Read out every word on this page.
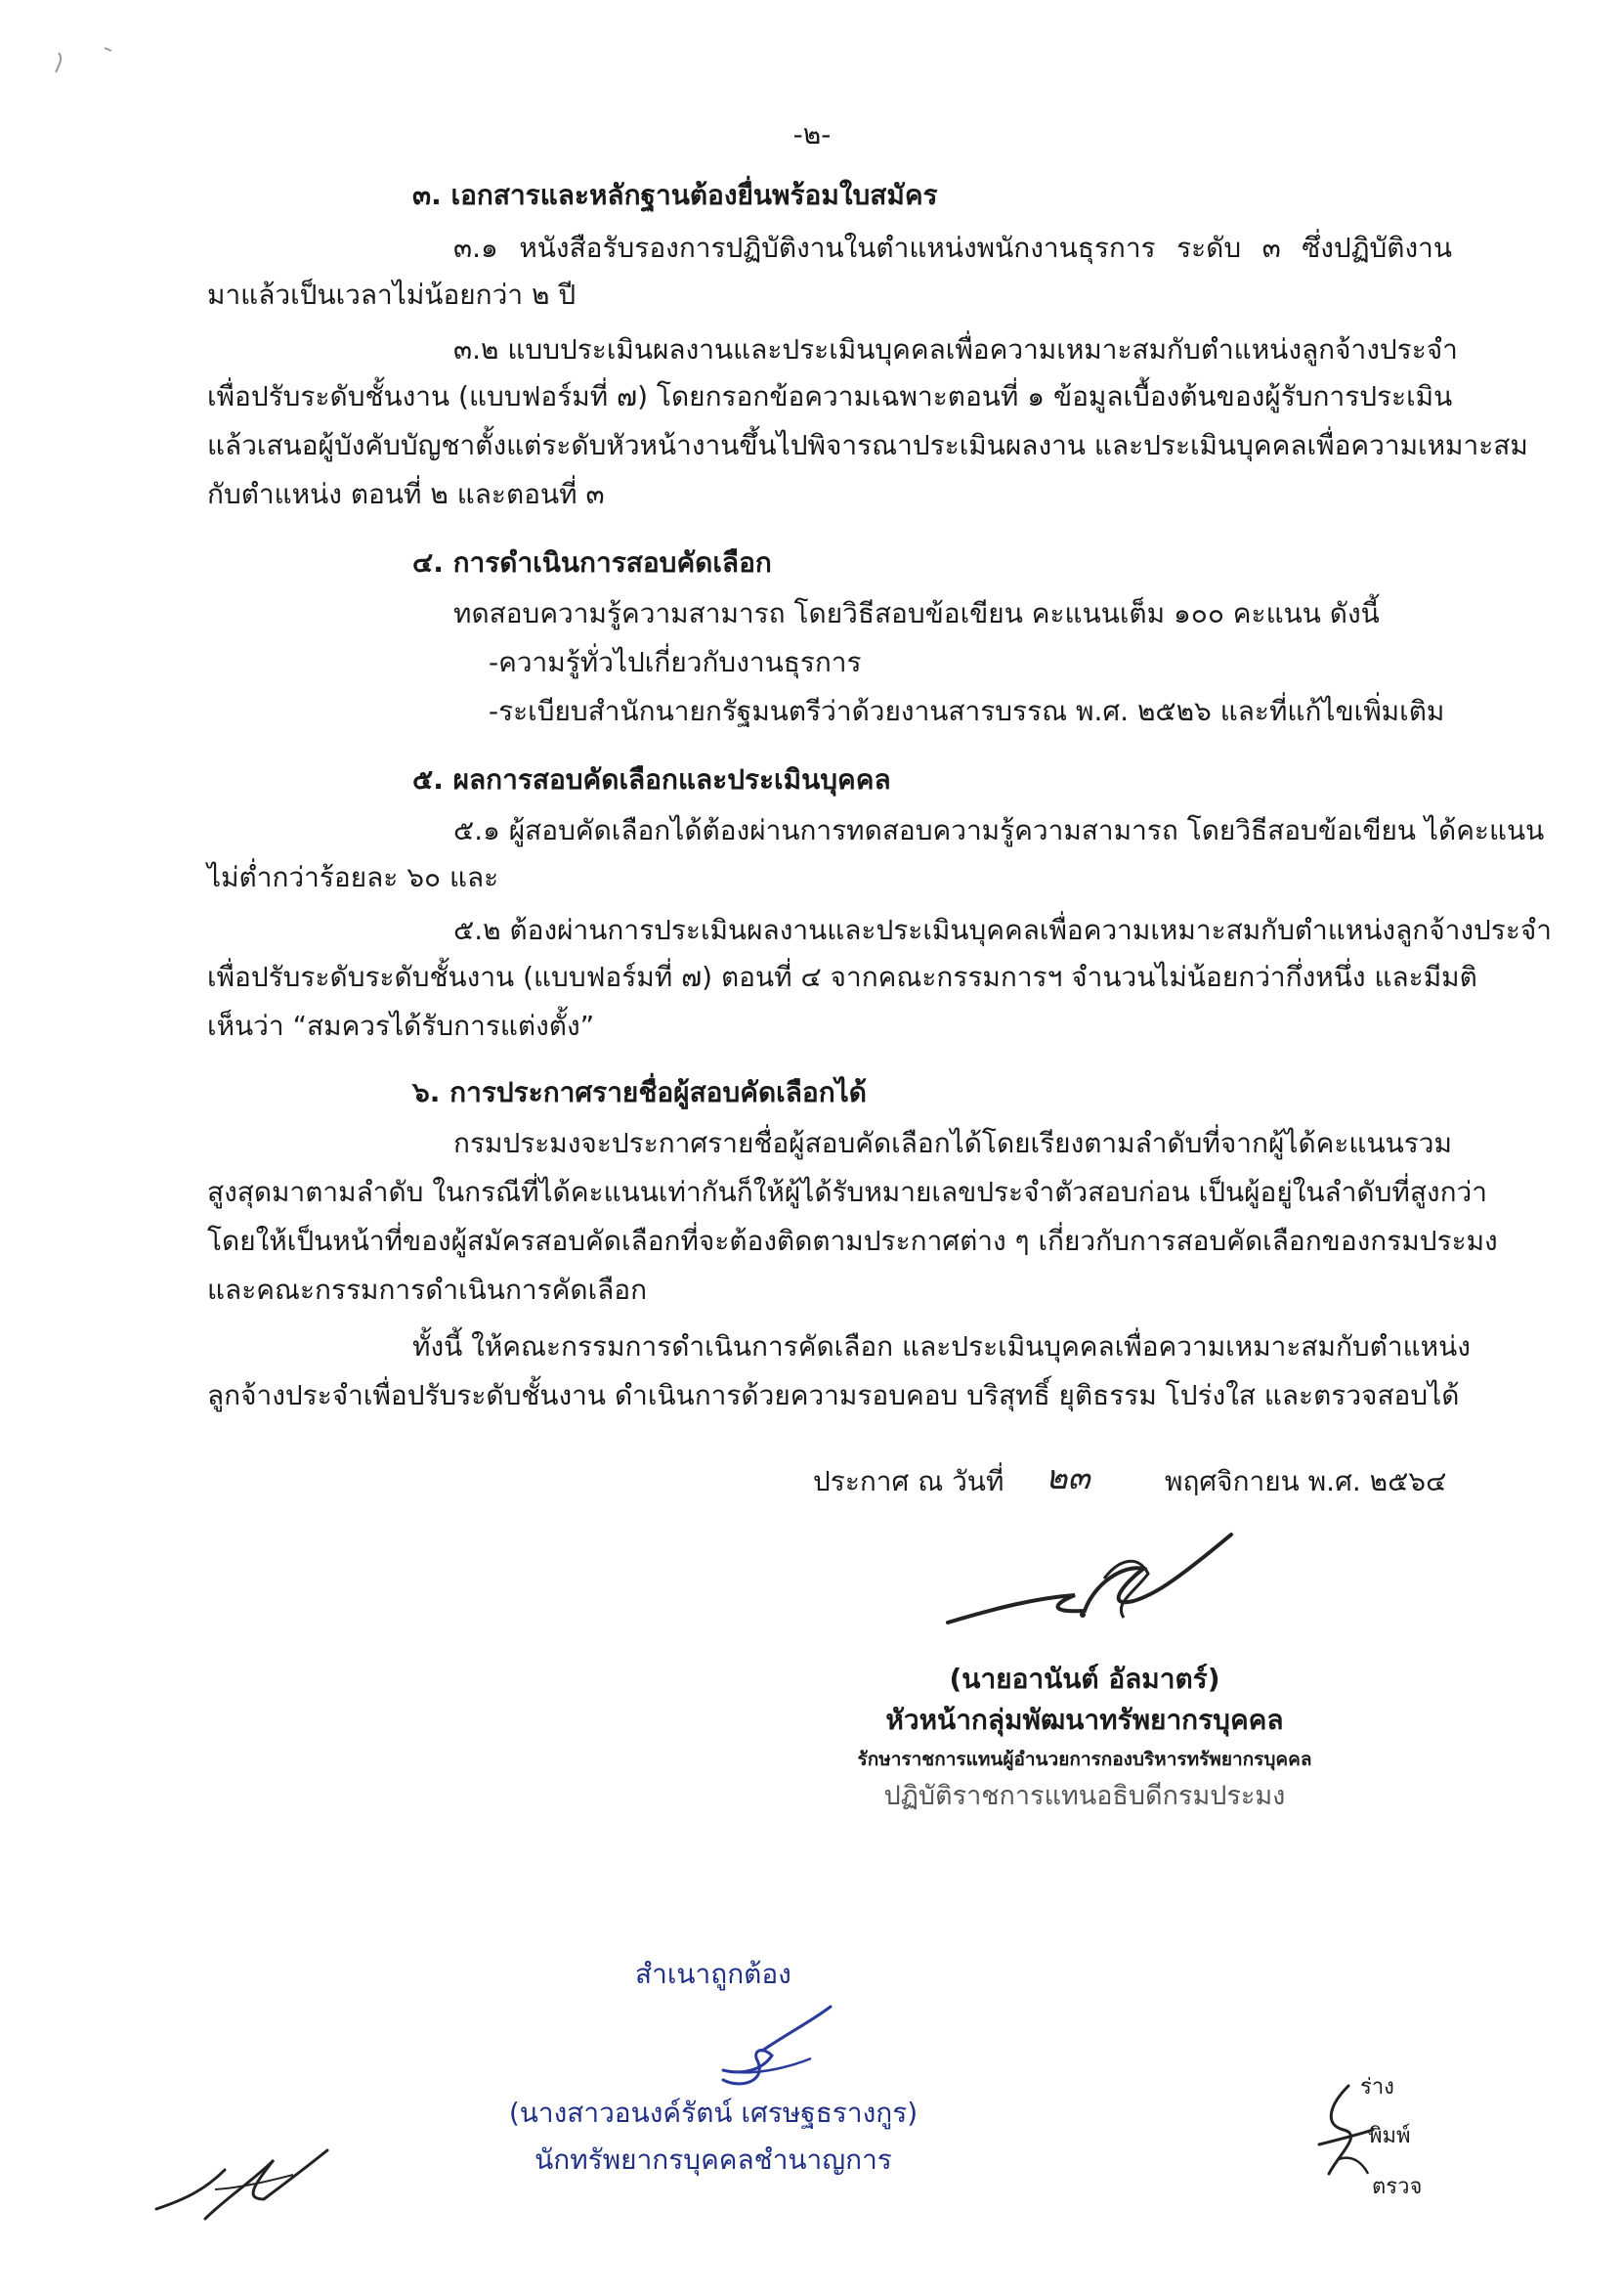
-๒-
๓. เอกสารและหลักฐานต้องยื่นพร้อมใบสมัคร
๓.๑ หนังสือรับรองการปฏิบัติงานในตำแหน่งพนักงานธุรการ ระดับ ๓ ซึ่งปฏิบัติงาน
มาแล้วเป็นเวลาไม่น้อยกว่า ๒ ปี
๓.๒ แบบประเมินผลงานและประเมินบุคคลเพื่อความเหมาะสมกับตำแหน่งลูกจ้างประจำ
เพื่อปรับระดับชั้นงาน (แบบฟอร์มที่ ๗) โดยกรอกข้อความเฉพาะตอนที่ ๑ ข้อมูลเบื้องต้นของผู้รับการประเมิน
แล้วเสนอผู้บังคับบัญชาตั้งแต่ระดับหัวหน้างานขึ้นไปพิจารณาประเมินผลงาน และประเมินบุคคลเพื่อความเหมาะสม
กับตำแหน่ง ตอนที่ ๒ และตอนที่ ๓
๔. การดำเนินการสอบคัดเลือก
ทดสอบความรู้ความสามารถ โดยวิธีสอบข้อเขียน คะแนนเต็ม ๑๐๐ คะแนน ดังนี้
-ความรู้ทั่วไปเกี่ยวกับงานธุรการ
-ระเบียบสำนักนายกรัฐมนตรีว่าด้วยงานสารบรรณ พ.ศ. ๒๕๒๖ และที่แก้ไขเพิ่มเติม
๕. ผลการสอบคัดเลือกและประเมินบุคคล
๕.๑ ผู้สอบคัดเลือกได้ต้องผ่านการทดสอบความรู้ความสามารถ โดยวิธีสอบข้อเขียน ได้คะแนน
ไม่ต่ำกว่าร้อยละ ๖๐ และ
๕.๒ ต้องผ่านการประเมินผลงานและประเมินบุคคลเพื่อความเหมาะสมกับตำแหน่งลูกจ้างประจำ
เพื่อปรับระดับระดับชั้นงาน (แบบฟอร์มที่ ๗) ตอนที่ ๔ จากคณะกรรมการฯ จำนวนไม่น้อยกว่ากึ่งหนึ่ง และมีมติ
เห็นว่า “สมควรได้รับการแต่งตั้ง”
๖. การประกาศรายชื่อผู้สอบคัดเลือกได้
กรมประมงจะประกาศรายชื่อผู้สอบคัดเลือกได้โดยเรียงตามลำดับที่จากผู้ได้คะแนนรวม
สูงสุดมาตามลำดับ ในกรณีที่ได้คะแนนเท่ากันก็ให้ผู้ได้รับหมายเลขประจำตัวสอบก่อน เป็นผู้อยู่ในลำดับที่สูงกว่า
โดยให้เป็นหน้าที่ของผู้สมัครสอบคัดเลือกที่จะต้องติดตามประกาศต่าง ๆ เกี่ยวกับการสอบคัดเลือกของกรมประมง
และคณะกรรมการดำเนินการคัดเลือก
ทั้งนี้ ให้คณะกรรมการดำเนินการคัดเลือก และประเมินบุคคลเพื่อความเหมาะสมกับตำแหน่ง
ลูกจ้างประจำเพื่อปรับระดับชั้นงาน ดำเนินการด้วยความรอบคอบ บริสุทธิ์ ยุติธรรม โปร่งใส และตรวจสอบได้
ประกาศ ณ วันที่ ๒๓	พฤศจิกายน พ.ศ. ๒๕๖๔
(นายอานันต์ อัลมาตร์)
หัวหน้ากลุ่มพัฒนาทรัพยากรบุคคล
รักษาราชการแทนผู้อำนวยการกองบริหารทรัพยากรบุคคล
ปฏิบัติราชการแทนอธิบดีกรมประมง
สำเนาถูกต้อง
(นางสาวอนงค์รัตน์ เศรษฐธรางกูร)
นักทรัพยากรบุคคลชำนาญการ
ร่าง
พิมพ์
ตรวจ
